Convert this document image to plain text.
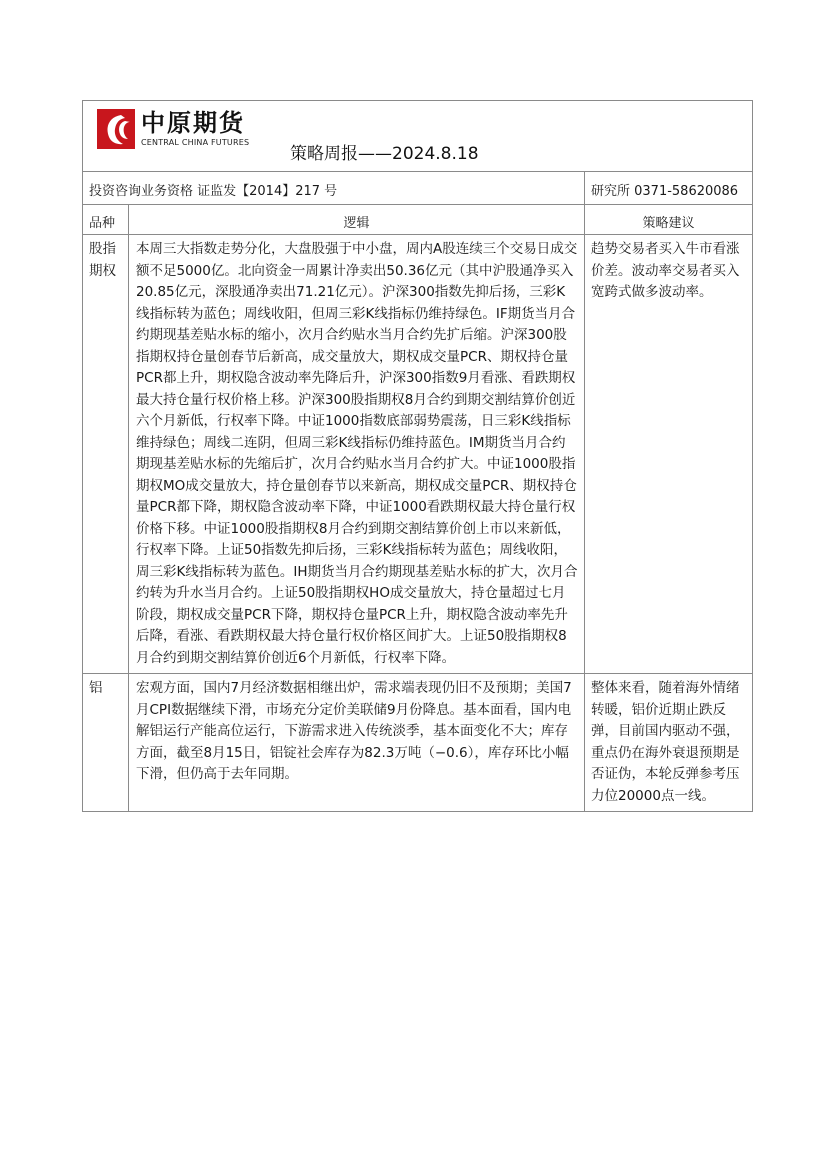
中原期货
CENTRAL CHINA FUTURES
策略周报——2024.8.18		

投资咨询业务资格 证监发【2014】217 号		研究所 0371-58620086
品种	逻辑	策略建议
股指期权	本周三大指数走势分化，大盘股强于中小盘，周内A股连续三个交易日成交额不足5000亿。北向资金一周累计净卖出50.36亿元（其中沪股通净买入20.85亿元，深股通净卖出71.21亿元）。沪深300指数先抑后扬，三彩K线指标转为蓝色；周线收阳，但周三彩K线指标仍维持绿色。IF期货当月合约期现基差贴水标的缩小，次月合约贴水当月合约先扩后缩。沪深300股指期权持仓量创春节后新高，成交量放大，期权成交量PCR、期权持仓量PCR都上升，期权隐含波动率先降后升，沪深300指数9月看涨、看跌期权最大持仓量行权价格上移。沪深300股指期权8月合约到期交割结算价创近六个月新低，行权率下降。中证1000指数底部弱势震荡，日三彩K线指标维持绿色；周线二连阴，但周三彩K线指标仍维持蓝色。IM期货当月合约期现基差贴水标的先缩后扩，次月合约贴水当月合约扩大。中证1000股指期权MO成交量放大，持仓量创春节以来新高，期权成交量PCR、期权持仓量PCR都下降，期权隐含波动率下降，中证1000看跌期权最大持仓量行权价格下移。中证1000股指期权8月合约到期交割结算价创上市以来新低，行权率下降。上证50指数先抑后扬，三彩K线指标转为蓝色；周线收阳，周三彩K线指标转为蓝色。IH期货当月合约期现基差贴水标的扩大，次月合约转为升水当月合约。上证50股指期权HO成交量放大，持仓量超过七月阶段，期权成交量PCR下降，期权持仓量PCR上升，期权隐含波动率先升后降，看涨、看跌期权最大持仓量行权价格区间扩大。上证50股指期权8月合约到期交割结算价创近6个月新低，行权率下降。	趋势交易者买入牛市看涨价差。波动率交易者买入宽跨式做多波动率。
铝	宏观方面，国内7月经济数据相继出炉，需求端表现仍旧不及预期；美国7月CPI数据继续下滑，市场充分定价美联储9月份降息。基本面看，国内电解铝运行产能高位运行，下游需求进入传统淡季，基本面变化不大；库存方面，截至8月15日，铝锭社会库存为82.3万吨（−0.6），库存环比小幅下滑，但仍高于去年同期。	整体来看，随着海外情绪转暖，铝价近期止跌反弹，目前国内驱动不强，重点仍在海外衰退预期是否证伪，本轮反弹参考压力位20000点一线。
